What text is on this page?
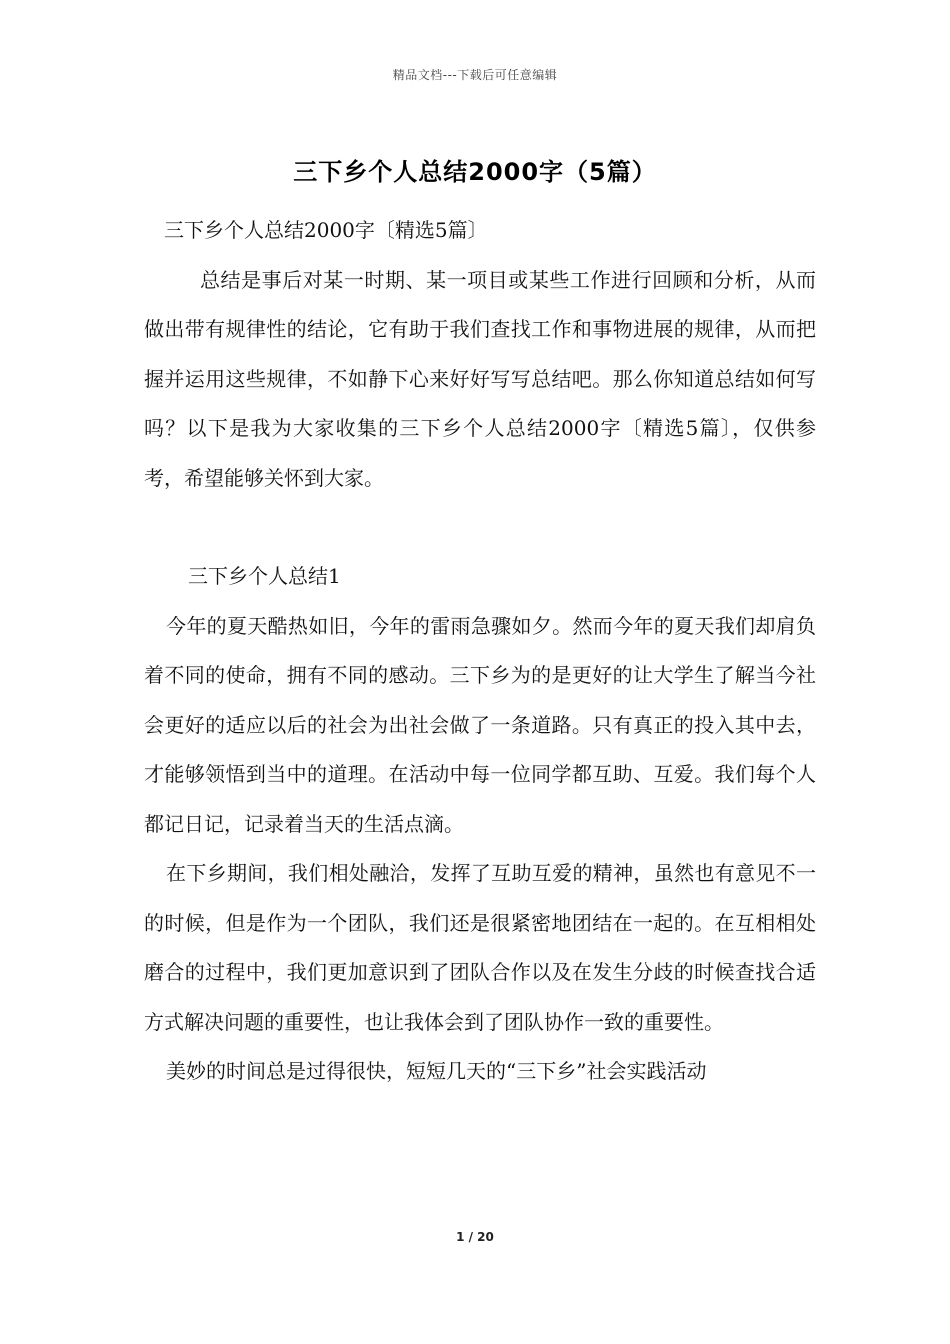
精品文档---下载后可任意编辑
三下乡个人总结2000字（5篇）

三下乡个人总结2000字〔精选5篇〕

总结是事后对某一时期、某一项目或某些工作进行回顾和分析，从而做出带有规律性的结论，它有助于我们查找工作和事物进展的规律，从而把握并运用这些规律，不如静下心来好好写写总结吧。那么你知道总结如何写吗？以下是我为大家收集的三下乡个人总结2000字〔精选5篇〕，仅供参考，希望能够关怀到大家。

三下乡个人总结1

今年的夏天酷热如旧，今年的雷雨急骤如夕。然而今年的夏天我们却肩负着不同的使命，拥有不同的感动。三下乡为的是更好的让大学生了解当今社会更好的适应以后的社会为出社会做了一条道路。只有真正的投入其中去，才能够领悟到当中的道理。在活动中每一位同学都互助、互爱。我们每个人都记日记，记录着当天的生活点滴。

在下乡期间，我们相处融洽，发挥了互助互爱的精神，虽然也有意见不一的时候，但是作为一个团队，我们还是很紧密地团结在一起的。在互相相处磨合的过程中，我们更加意识到了团队合作以及在发生分歧的时候查找合适方式解决问题的重要性，也让我体会到了团队协作一致的重要性。

美妙的时间总是过得很快，短短几天的“三下乡”社会实践活动

1 / 20
